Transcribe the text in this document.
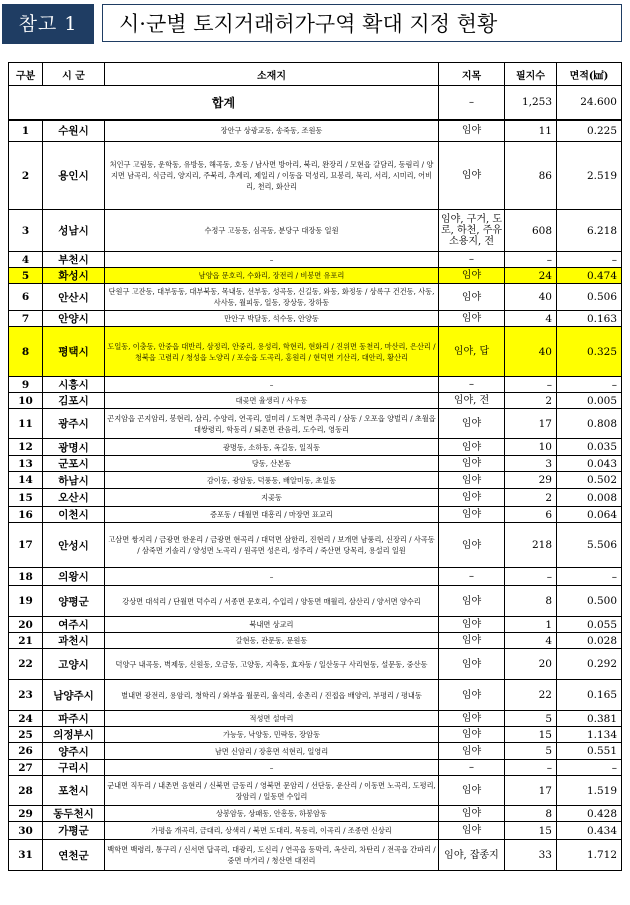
참고 1	시·군별 토지거래허가구역 확대 지정 현황
구분	시 군	소재지	지목	필지수	면적(㎢)
합계			–	1,253	24.600
1	수원시	장안구 상광교동, 송죽동, 조원동	임야	11	0.225
2	용인시	처인구 고림동, 운학동, 유방동, 해곡동, 호동 / 남사면 방아리, 북리, 완장리 / 모현읍 갈담리, 동림리 / 양지면 남곡리, 식금리, 양지리, 주북리, 추계리, 제일리 / 이동읍 덕성리, 묘봉리, 묵리, 서리, 시미리, 어비리, 천리, 화산리	임야	86	2.519
3	성남시	수정구 고등동, 심곡동, 분당구 대장동 일원	임야, 구거, 도로, 하천, 주유소용지, 전	608	6.218
4	부천시	–	–	–	–
5	화성시	남양읍 문호리, 수화리, 장전리 / 비봉면 유포리	임야	24	0.474
6	안산시	단원구 고잔동, 대부동동, 대부북동, 목내동, 선부동, 성곡동, 신길동, 와동, 화정동 / 상록구 건건동, 사동, 사사동, 월피동, 일동, 장상동, 장하동	임야	40	0.506
7	안양시	만안구 박달동, 석수동, 안양동	임야	4	0.163
8	평택시	도일동, 이충동, 안중읍 대반리, 삼정리, 안중리, 용성리, 학현리, 현화리 / 진위면 동천리, 마산리, 은산리 / 청북읍 고렴리 / 청성읍 노양리 / 포승읍 도곡리, 홍원리 / 현덕면 기산리, 대안리, 황산리	임야, 답	40	0.325
9	시흥시	–	–	–	–
10	김포시	대곶면 율생리 / 사우동	임야, 전	2	0.005
11	광주시	곤지암읍 곤지암리, 봉현리, 삼리, 수양리, 연곡리, 열미리 / 도척면 추곡리 / 삼동 / 오포읍 양벌리 / 초월읍 대쌍령리, 학동리 / 퇴촌면 관음리, 도수리, 영동리	임야	17	0.808
12	광명시	광명동, 소하동, 옥길동, 일직동	임야	10	0.035
13	군포시	당동, 산본동	임야	3	0.043
14	하남시	감이동, 광암동, 덕풍동, 배알미동, 초일동	임야	29	0.502
15	오산시	지곶동	임야	2	0.008
16	이천시	증포동 / 대월면 대흥리 / 마장면 표교리	임야	6	0.064
17	안성시	고삼면 쌍지리 / 금광면 한운리 / 금광면 현곡리 / 대덕면 삼한리, 진현리 / 보개면 남풍리, 신장리 / 사곡동 / 삼죽면 기솔리 / 양성면 노곡리 / 원곡면 성은리, 성주리 / 죽산면 당목리, 용설리 일원	임야	218	5.506
18	의왕시	–	–	–	–
19	양평군	강상면 대석리 / 단월면 덕수리 / 서종면 문호리, 수입리 / 양동면 매월리, 삼산리 / 양서면 양수리	임야	8	0.500
20	여주시	북내면 상교리	임야	1	0.055
21	과천시	갈현동, 관문동, 문원동	임야	4	0.028
22	고양시	덕양구 내곡동, 벽제동, 신원동, 오금동, 고양동, 지축동, 효자동 / 일산동구 사리현동, 설문동, 중산동	임야	20	0.292
23	남양주시	별내면 광전리, 용암리, 청학리 / 와부읍 월문리, 율석리, 송촌리 / 진접읍 배양리, 부평리 / 평내동	임야	22	0.165
24	파주시	적성면 설마리	임야	5	0.381
25	의정부시	가능동, 낙양동, 민락동, 장암동	임야	15	1.134
26	양주시	남면 신암리 / 장흥면 석현리, 일영리	임야	5	0.551
27	구리시	–	–	–	–
28	포천시	군내면 직두리 / 내촌면 음현리 / 신북면 금동리 / 영북면 문암리 / 선단동, 운산리 / 이동면 노곡리, 도평리, 장암리 / 일동면 수입리	임야	17	1.519
29	동두천시	상봉암동, 상패동, 안흥동, 하봉암동	임야	8	0.428
30	가평군	가평읍 개곡리, 금대리, 상색리 / 북면 도대리, 목동리, 이곡리 / 조종면 신상리	임야	15	0.434
31	연천군	백학면 백령리, 통구리 / 신서면 답곡리, 대광리, 도신리 / 연곡읍 동막리, 옥산리, 차탄리 / 전곡읍 간파리 / 중면 마거리 / 청산면 대전리	임야, 잡종지	33	1.712
